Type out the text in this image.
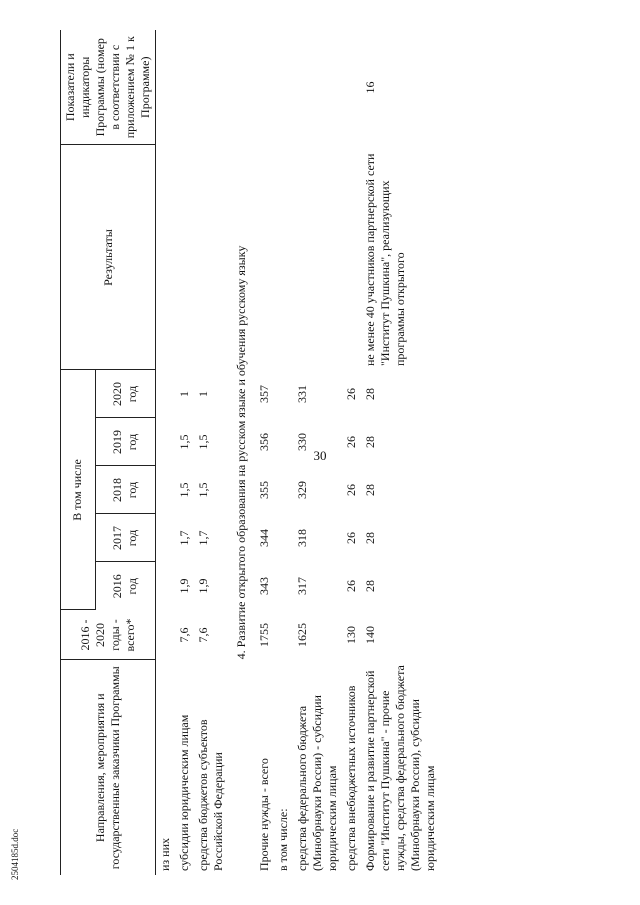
30
2504185d.doc
Направления, мероприятия и государственные заказчики Программы	2016 - 2020 годы - всего*	В том числе					Результаты	Показатели и индикаторы Программы (номер в соответствии с приложением № 1 к Программе)
		2016 год	2017 год	2018 год	2019 год	2020 год		
из них								
субсидии юридическим лицам	7,6	1,9	1,7	1,5	1,5	1		
средства бюджетов субъектов Российской Федерации	7,6	1,9	1,7	1,5	1,5	1		
4. Развитие открытого образования на русском языке и обучения русскому языку								
Прочие нужды - всего	1755	343	344	355	356	357		
в том числе:								
средства федерального бюджета (Минобрнауки России) - субсидии юридическим лицам	1625	317	318	329	330	331		
средства внебюджетных источников	130	26	26	26	26	26		
Формирование и развитие партнерской сети "Институт Пушкина" - прочие нужды, средства федерального бюджета (Минобрнауки России), субсидии юридическим лицам	140	28	28	28	28	28	не менее 40 участников партнерской сети "Институт Пушкина", реализующих программы открытого	16
